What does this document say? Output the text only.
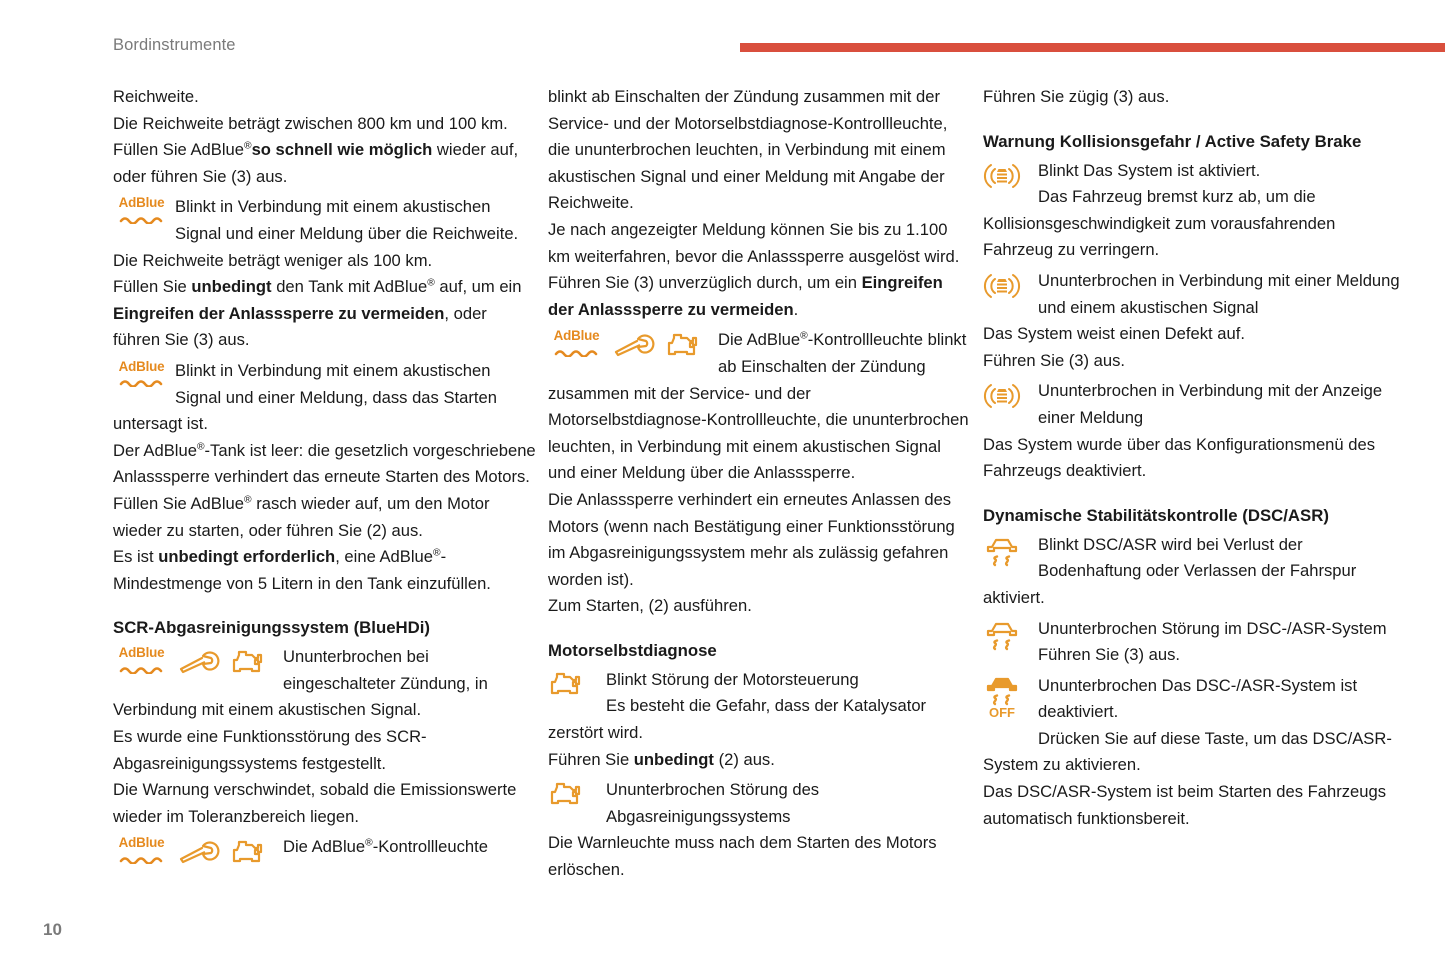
Bordinstrumente

Reichweite.

Die Reichweite beträgt zwischen 800 km und 100 km.

Füllen Sie AdBlue®so schnell wie möglich wieder auf, oder führen Sie (3) aus.

AdBlue Blinkt in Verbindung mit einem akustischen Signal und einer Meldung über die Reichweite.

Die Reichweite beträgt weniger als 100 km.

Füllen Sie unbedingt den Tank mit AdBlue® auf, um ein Eingreifen der Anlasssperre zu vermeiden, oder führen Sie (3) aus.

AdBlue Blinkt in Verbindung mit einem akustischen Signal und einer Meldung, dass das Starten untersagt ist.

Der AdBlue®-Tank ist leer: die gesetzlich vorgeschriebene Anlasssperre verhindert das erneute Starten des Motors.

Füllen Sie AdBlue® rasch wieder auf, um den Motor wieder zu starten, oder führen Sie (2) aus.

Es ist unbedingt erforderlich, eine AdBlue®-Mindestmenge von 5 Litern in den Tank einzufüllen.

SCR-Abgasreinigungssystem (BlueHDi)
AdBlue	Ununterbrochen bei eingeschalteter Zündung, in Verbindung mit einem akustischen Signal.

Es wurde eine Funktionsstörung des SCR-Abgasreinigungssystems festgestellt.

Die Warnung verschwindet, sobald die Emissionswerte wieder im Toleranzbereich liegen.

AdBlue	Die AdBlue®-Kontrollleuchte

blinkt ab Einschalten der Zündung zusammen mit der Service- und der Motorselbstdiagnose-Kontrollleuchte, die ununterbrochen leuchten, in Verbindung mit einem akustischen Signal und einer Meldung mit Angabe der Reichweite.

Je nach angezeigter Meldung können Sie bis zu 1.100 km weiterfahren, bevor die Anlasssperre ausgelöst wird.

Führen Sie (3) unverzüglich durch, um ein Eingreifen der Anlasssperre zu vermeiden.

AdBlue	Die AdBlue®-Kontrollleuchte blinkt ab Einschalten der Zündung zusammen mit der Service- und der Motorselbstdiagnose-Kontrollleuchte, die ununterbrochen leuchten, in Verbindung mit einem akustischen Signal und einer Meldung über die Anlasssperre.

Die Anlasssperre verhindert ein erneutes Anlassen des Motors (wenn nach Bestätigung einer Funktionsstörung im Abgasreinigungssystem mehr als zulässig gefahren worden ist).

Zum Starten, (2) ausführen.

Motorselbstdiagnose

Blinkt Störung der Motorsteuerung

Es besteht die Gefahr, dass der Katalysator zerstört wird.

Führen Sie unbedingt (2) aus.

Ununterbrochen Störung des Abgasreinigungssystems

Die Warnleuchte muss nach dem Starten des Motors erlöschen.

Führen Sie zügig (3) aus.

Warnung Kollisionsgefahr / Active Safety Brake

Blinkt Das System ist aktiviert.

Das Fahrzeug bremst kurz ab, um die Kollisionsgeschwindigkeit zum vorausfahrenden Fahrzeug zu verringern.

Ununterbrochen in Verbindung mit einer Meldung und einem akustischen Signal

Das System weist einen Defekt auf.

Führen Sie (3) aus.

Ununterbrochen in Verbindung mit der Anzeige einer Meldung

Das System wurde über das Konfigurationsmenü des Fahrzeugs deaktiviert.

Dynamische Stabilitätskontrolle (DSC/ASR)

Blinkt DSC/ASR wird bei Verlust der Bodenhaftung oder Verlassen der Fahrspur aktiviert.

Ununterbrochen Störung im DSC-/ASR-System

Führen Sie (3) aus.

OFF

Ununterbrochen Das DSC-/ASR-System ist deaktiviert.

Drücken Sie auf diese Taste, um das DSC/ASR-System zu aktivieren.

Das DSC/ASR-System ist beim Starten des Fahrzeugs automatisch funktionsbereit.

10
